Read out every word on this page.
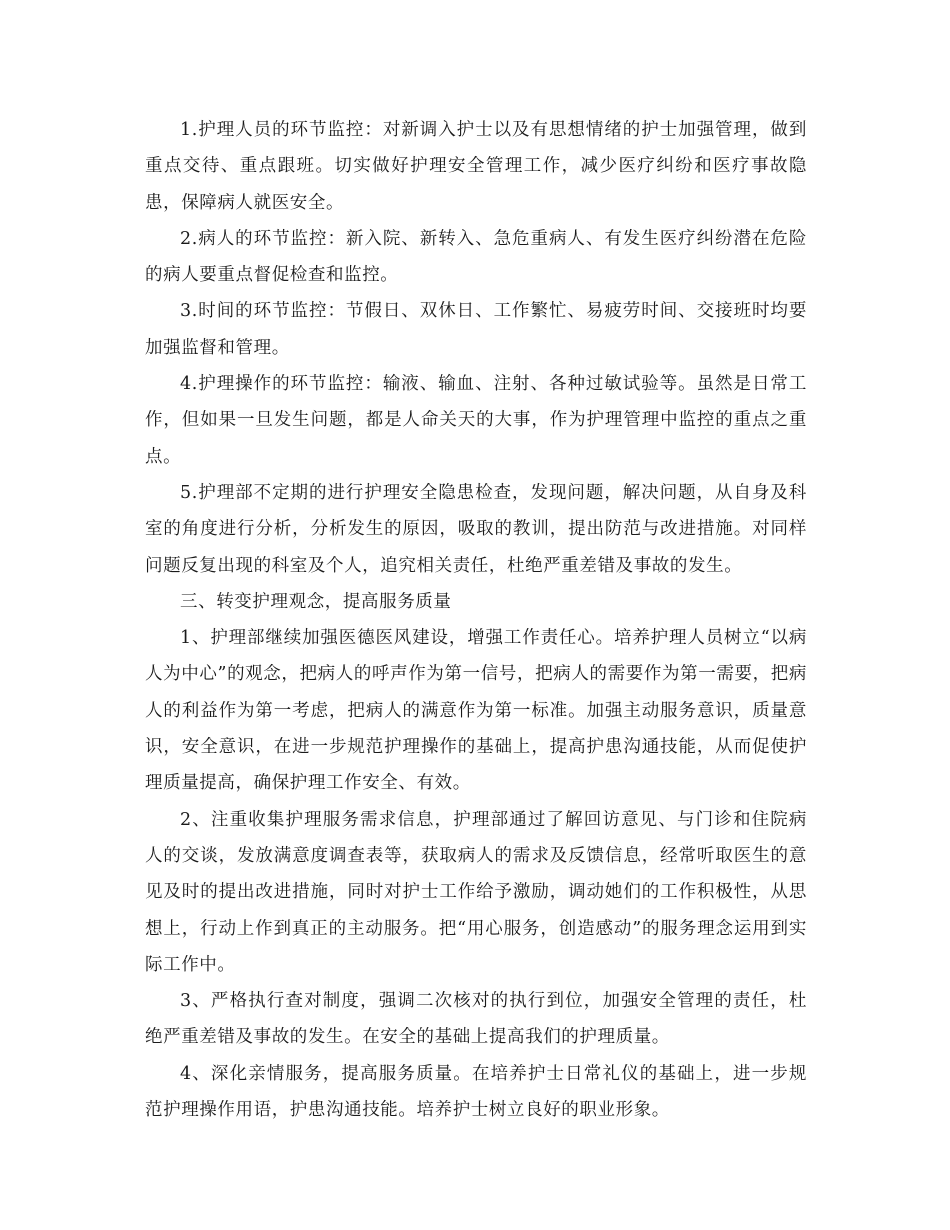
1.护理人员的环节监控：对新调入护士以及有思想情绪的护士加强管理，做到重点交待、重点跟班。切实做好护理安全管理工作，减少医疗纠纷和医疗事故隐患，保障病人就医安全。

2.病人的环节监控：新入院、新转入、急危重病人、有发生医疗纠纷潜在危险的病人要重点督促检查和监控。

3.时间的环节监控：节假日、双休日、工作繁忙、易疲劳时间、交接班时均要加强监督和管理。

4.护理操作的环节监控：输液、输血、注射、各种过敏试验等。虽然是日常工作，但如果一旦发生问题，都是人命关天的大事，作为护理管理中监控的重点之重点。

5.护理部不定期的进行护理安全隐患检查，发现问题，解决问题，从自身及科室的角度进行分析，分析发生的原因，吸取的教训，提出防范与改进措施。对同样问题反复出现的科室及个人，追究相关责任，杜绝严重差错及事故的发生。

三、转变护理观念，提高服务质量

1、护理部继续加强医德医风建设，增强工作责任心。培养护理人员树立“以病人为中心”的观念，把病人的呼声作为第一信号，把病人的需要作为第一需要，把病人的利益作为第一考虑，把病人的满意作为第一标准。加强主动服务意识，质量意识，安全意识，在进一步规范护理操作的基础上，提高护患沟通技能，从而促使护理质量提高，确保护理工作安全、有效。

2、注重收集护理服务需求信息，护理部通过了解回访意见、与门诊和住院病人的交谈，发放满意度调查表等，获取病人的需求及反馈信息，经常听取医生的意见及时的提出改进措施，同时对护士工作给予激励，调动她们的工作积极性，从思想上，行动上作到真正的主动服务。把“用心服务，创造感动”的服务理念运用到实际工作中。

3、严格执行查对制度，强调二次核对的执行到位，加强安全管理的责任，杜绝严重差错及事故的发生。在安全的基础上提高我们的护理质量。

4、深化亲情服务，提高服务质量。在培养护士日常礼仪的基础上，进一步规范护理操作用语，护患沟通技能。培养护士树立良好的职业形象。
